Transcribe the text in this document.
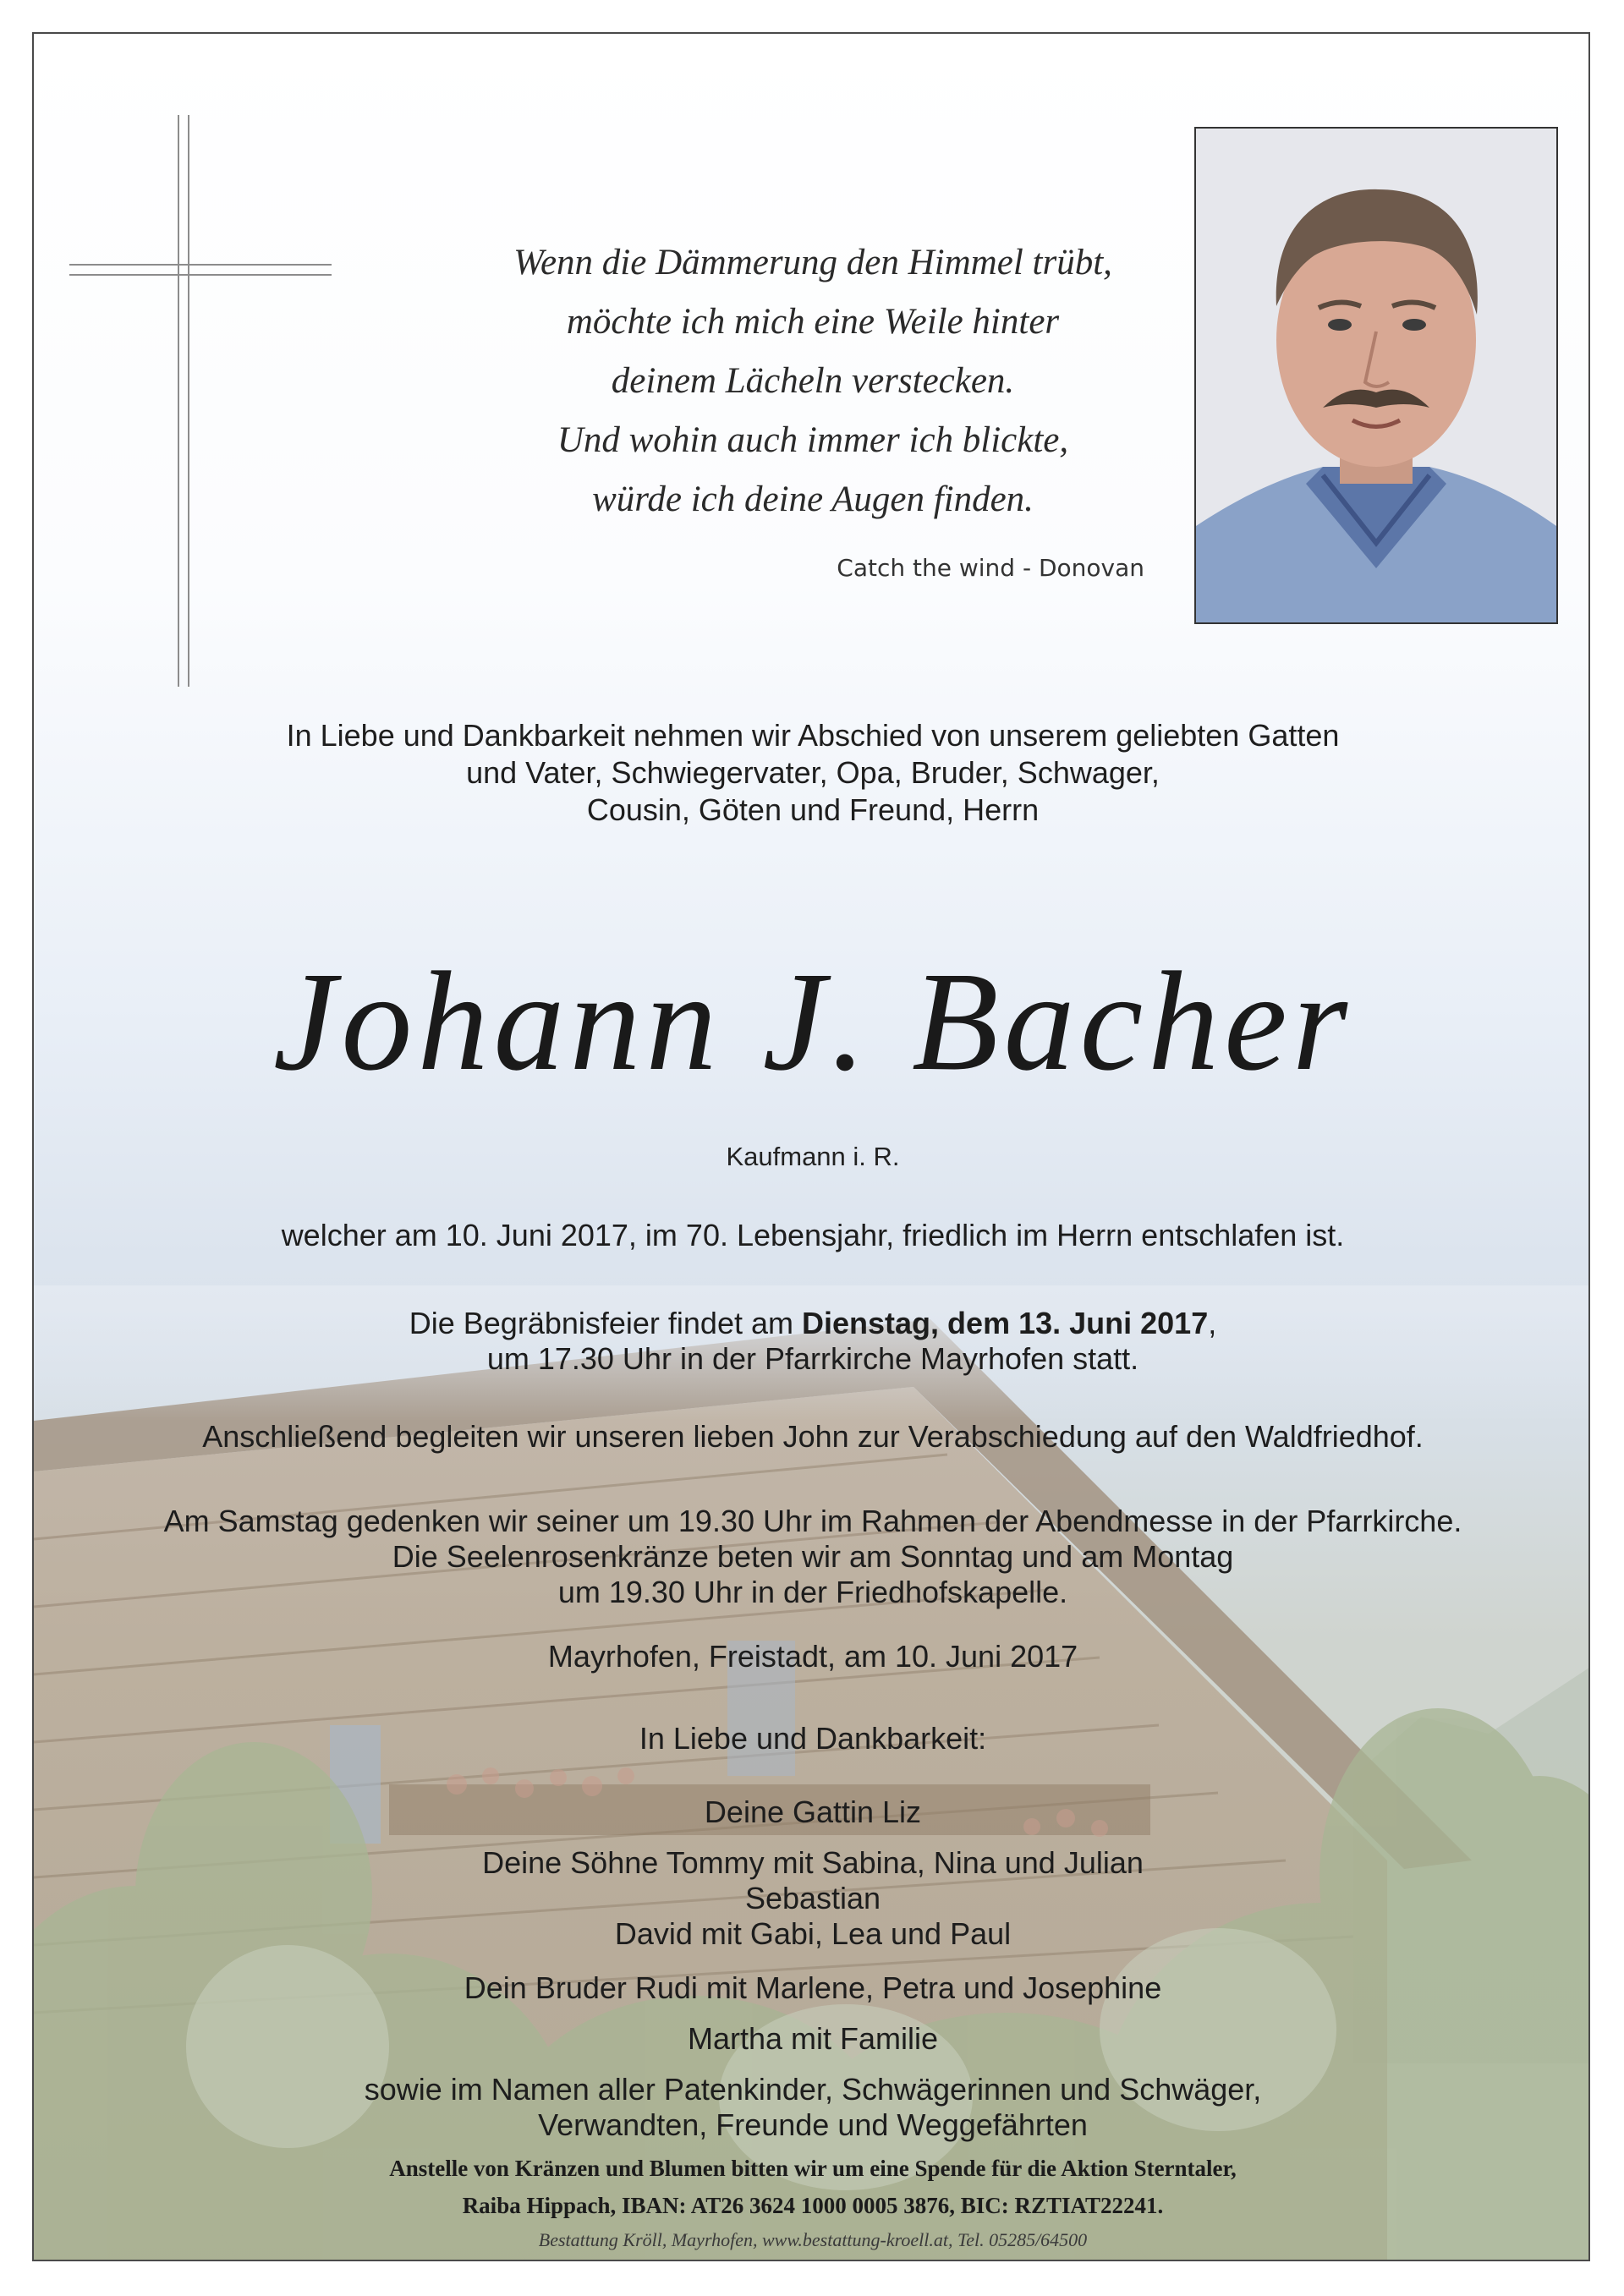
Wenn die Dämmerung den Himmel trübt,
möchte ich mich eine Weile hinter
deinem Lächeln verstecken.
Und wohin auch immer ich blickte,
würde ich deine Augen finden.
Catch the wind - Donovan
In Liebe und Dankbarkeit nehmen wir Abschied von unserem geliebten Gatten
und Vater, Schwiegervater, Opa, Bruder, Schwager,
Cousin, Göten und Freund, Herrn
Johann J. Bacher
Kaufmann i. R.
welcher am 10. Juni 2017, im 70. Lebensjahr, friedlich im Herrn entschlafen ist.
Die Begräbnisfeier findet am Dienstag, dem 13. Juni 2017,
um 17.30 Uhr in der Pfarrkirche Mayrhofen statt.
Anschließend begleiten wir unseren lieben John zur Verabschiedung auf den Waldfriedhof.
Am Samstag gedenken wir seiner um 19.30 Uhr im Rahmen der Abendmesse in der Pfarrkirche.
Die Seelenrosenkränze beten wir am Sonntag und am Montag
um 19.30 Uhr in der Friedhofskapelle.
Mayrhofen, Freistadt, am 10. Juni 2017
In Liebe und Dankbarkeit:
Deine Gattin Liz
Deine Söhne Tommy mit Sabina, Nina und Julian
Sebastian
David mit Gabi, Lea und Paul
Dein Bruder Rudi mit Marlene, Petra und Josephine
Martha mit Familie
sowie im Namen aller Patenkinder, Schwägerinnen und Schwäger,
Verwandten, Freunde und Weggefährten
Anstelle von Kränzen und Blumen bitten wir um eine Spende für die Aktion Sterntaler,
Raiba Hippach, IBAN: AT26 3624 1000 0005 3876, BIC: RZTIAT22241.
Bestattung Kröll, Mayrhofen, www.bestattung-kroell.at, Tel. 05285/64500
